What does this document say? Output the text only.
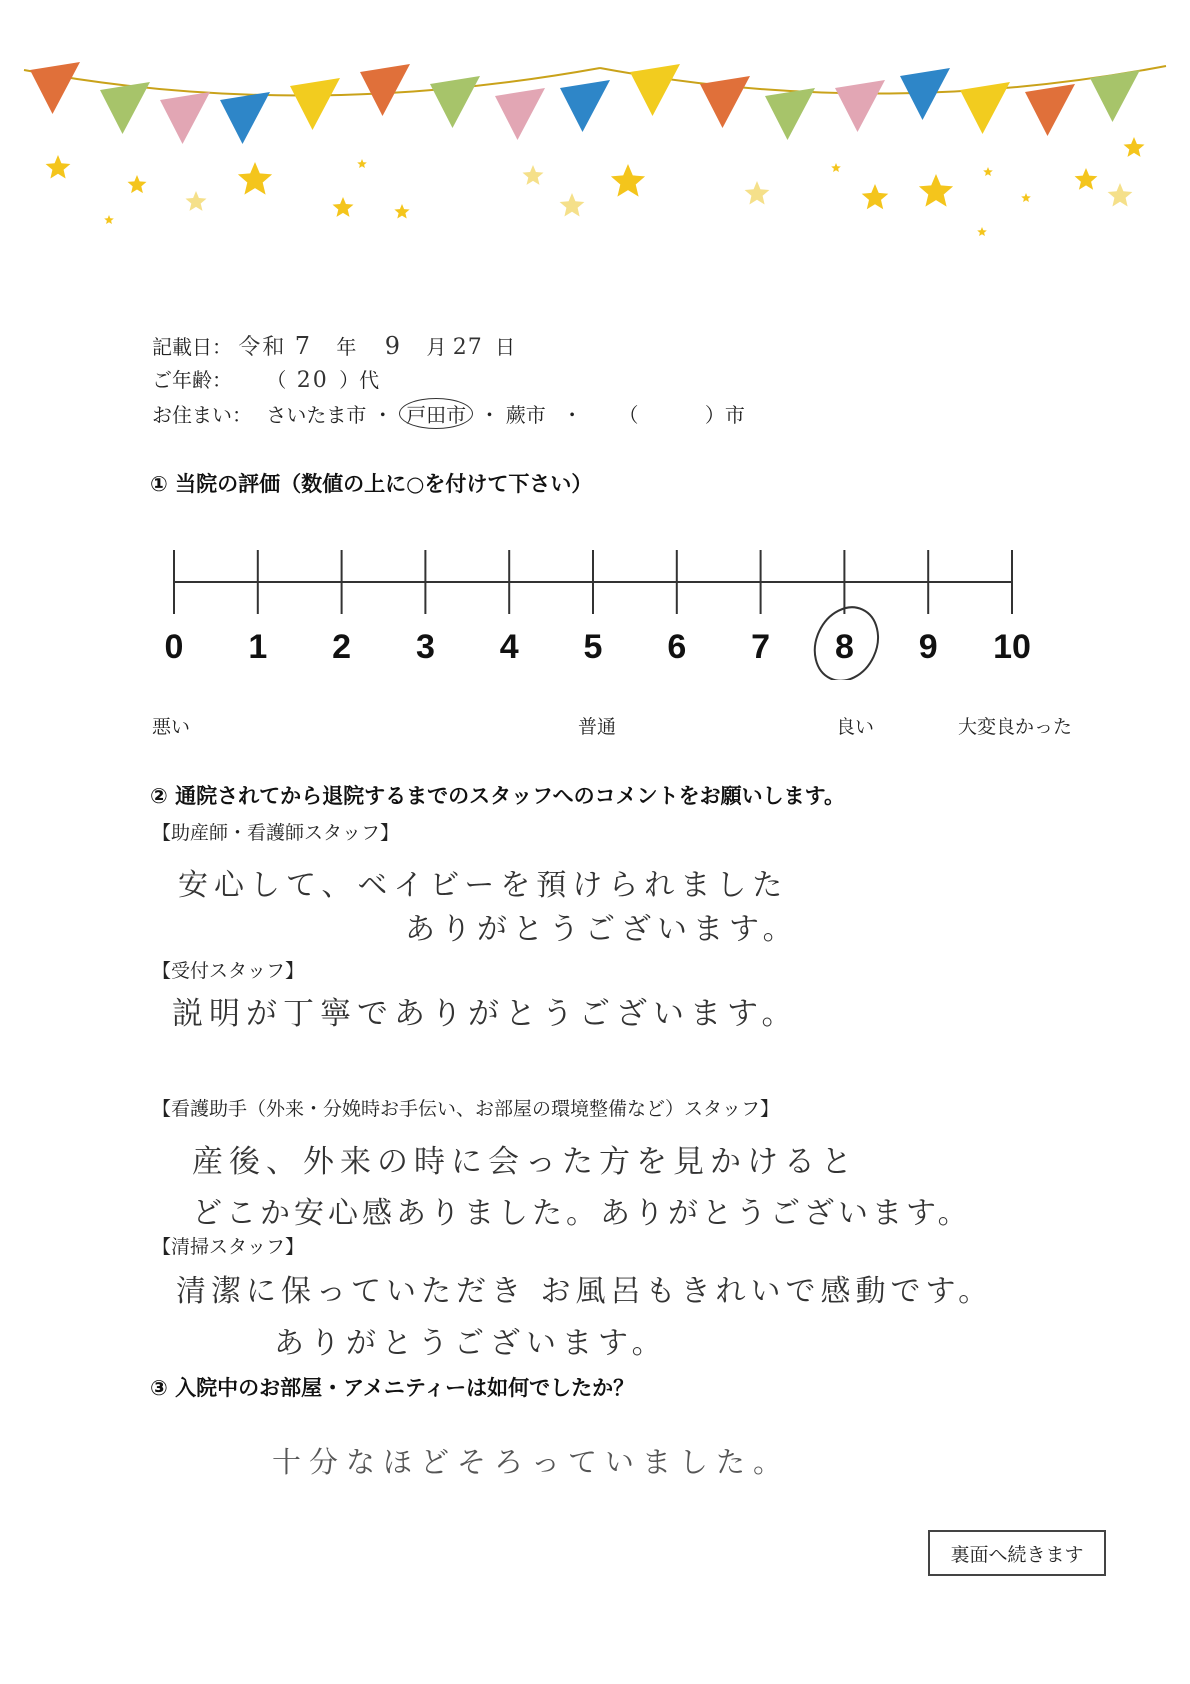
記載日： 令和 7 年 9 月 27 日
ご年齢： （ 20 ）代
お住まい： さいたま市 ・ 戸田市 ・ 蕨市 ・ （	）市
① 当院の評価（数値の上に○を付けて下さい）
0 1 2 3 4 5 6 7 8 9 10
悪い	普通	良い	大変良かった
② 通院されてから退院するまでのスタッフへのコメントをお願いします。
【助産師・看護師スタッフ】
安心して、ベイビーを預けられました
ありがとうございます。
【受付スタッフ】
説明が丁寧でありがとうございます。
【看護助手（外来・分娩時お手伝い、お部屋の環境整備など）スタッフ】
産後、外来の時に会った方を見かけると
どこか安心感ありました。ありがとうございます。
【清掃スタッフ】
清潔に保っていただき お風呂もきれいで感動です。
ありがとうございます。
③ 入院中のお部屋・アメニティーは如何でしたか？
十分なほどそろっていました。
裏面へ続きます
